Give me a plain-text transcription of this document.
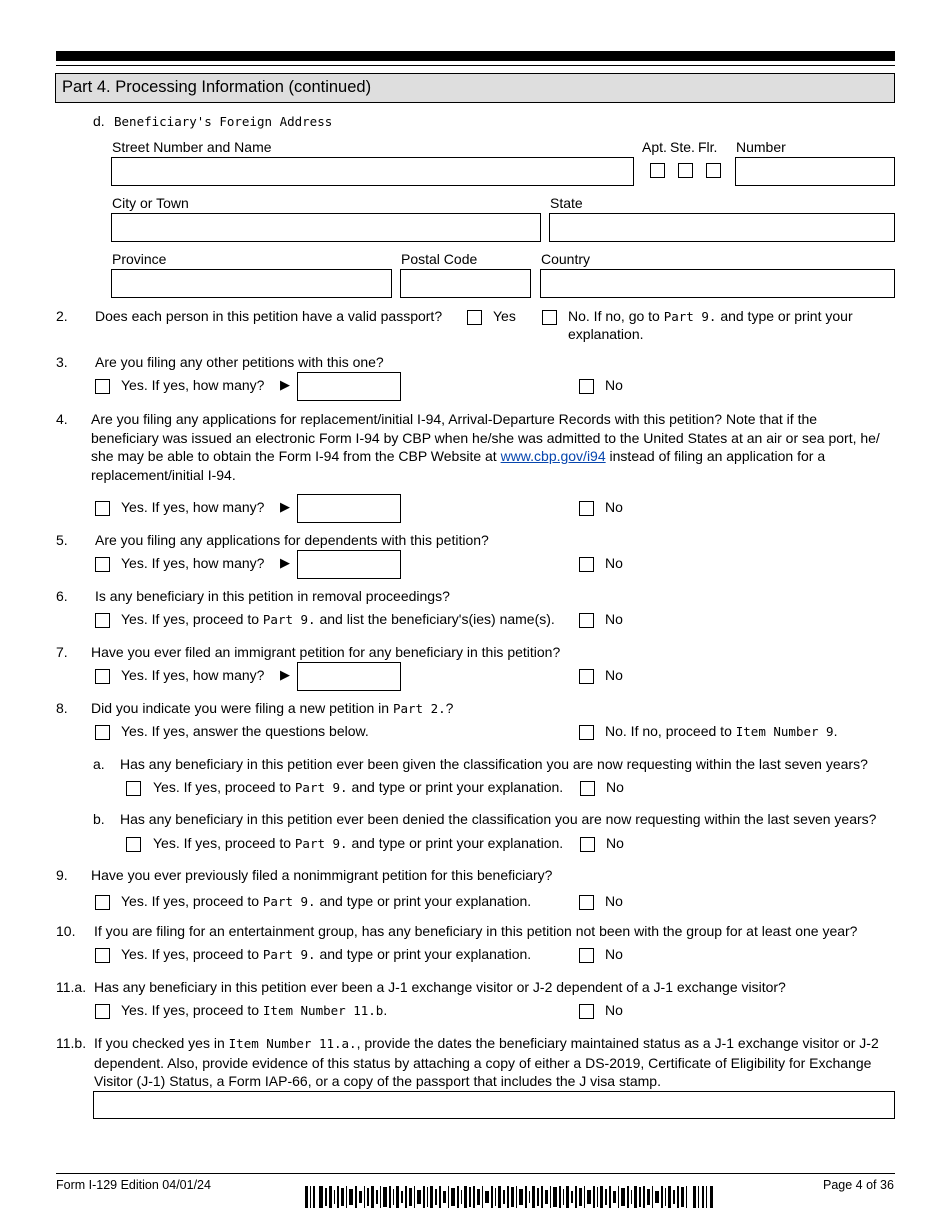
Part 4. Processing Information (continued)
d. Beneficiary's Foreign Address
Street Number and Name	Apt. Ste. Flr. Number
City or Town	State
Province	Postal Code	Country
2. Does each person in this petition have a valid passport?	Yes	No. If no, go to Part 9. and type or print your
explanation.
3. Are you filing any other petitions with this one?
Yes. If yes, how many? ▶	No
4. Are you filing any applications for replacement/initial I-94, Arrival-Departure Records with this petition? Note that if the
beneficiary was issued an electronic Form I-94 by CBP when he/she was admitted to the United States at an air or sea port, he/
she may be able to obtain the Form I-94 from the CBP Website at www.cbp.gov/i94 instead of filing an application for a
replacement/initial I-94.
Yes. If yes, how many? ▶	No
5. Are you filing any applications for dependents with this petition?
Yes. If yes, how many? ▶	No
6. Is any beneficiary in this petition in removal proceedings?
Yes. If yes, proceed to Part 9. and list the beneficiary's(ies) name(s).	No
7. Have you ever filed an immigrant petition for any beneficiary in this petition?
Yes. If yes, how many? ▶	No
8. Did you indicate you were filing a new petition in Part 2.?
Yes. If yes, answer the questions below.	No. If no, proceed to Item Number 9.
a. Has any beneficiary in this petition ever been given the classification you are now requesting within the last seven years?
Yes. If yes, proceed to Part 9. and type or print your explanation.	No
b. Has any beneficiary in this petition ever been denied the classification you are now requesting within the last seven years?
Yes. If yes, proceed to Part 9. and type or print your explanation.	No
9. Have you ever previously filed a nonimmigrant petition for this beneficiary?
Yes. If yes, proceed to Part 9. and type or print your explanation.	No
10. If you are filing for an entertainment group, has any beneficiary in this petition not been with the group for at least one year?
Yes. If yes, proceed to Part 9. and type or print your explanation.	No
11.a. Has any beneficiary in this petition ever been a J-1 exchange visitor or J-2 dependent of a J-1 exchange visitor?
Yes. If yes, proceed to Item Number 11.b.	No
11.b. If you checked yes in Item Number 11.a., provide the dates the beneficiary maintained status as a J-1 exchange visitor or J-2
dependent. Also, provide evidence of this status by attaching a copy of either a DS-2019, Certificate of Eligibility for Exchange
Visitor (J-1) Status, a Form IAP-66, or a copy of the passport that includes the J visa stamp.
Form I-129 Edition 04/01/24	Page 4 of 36
